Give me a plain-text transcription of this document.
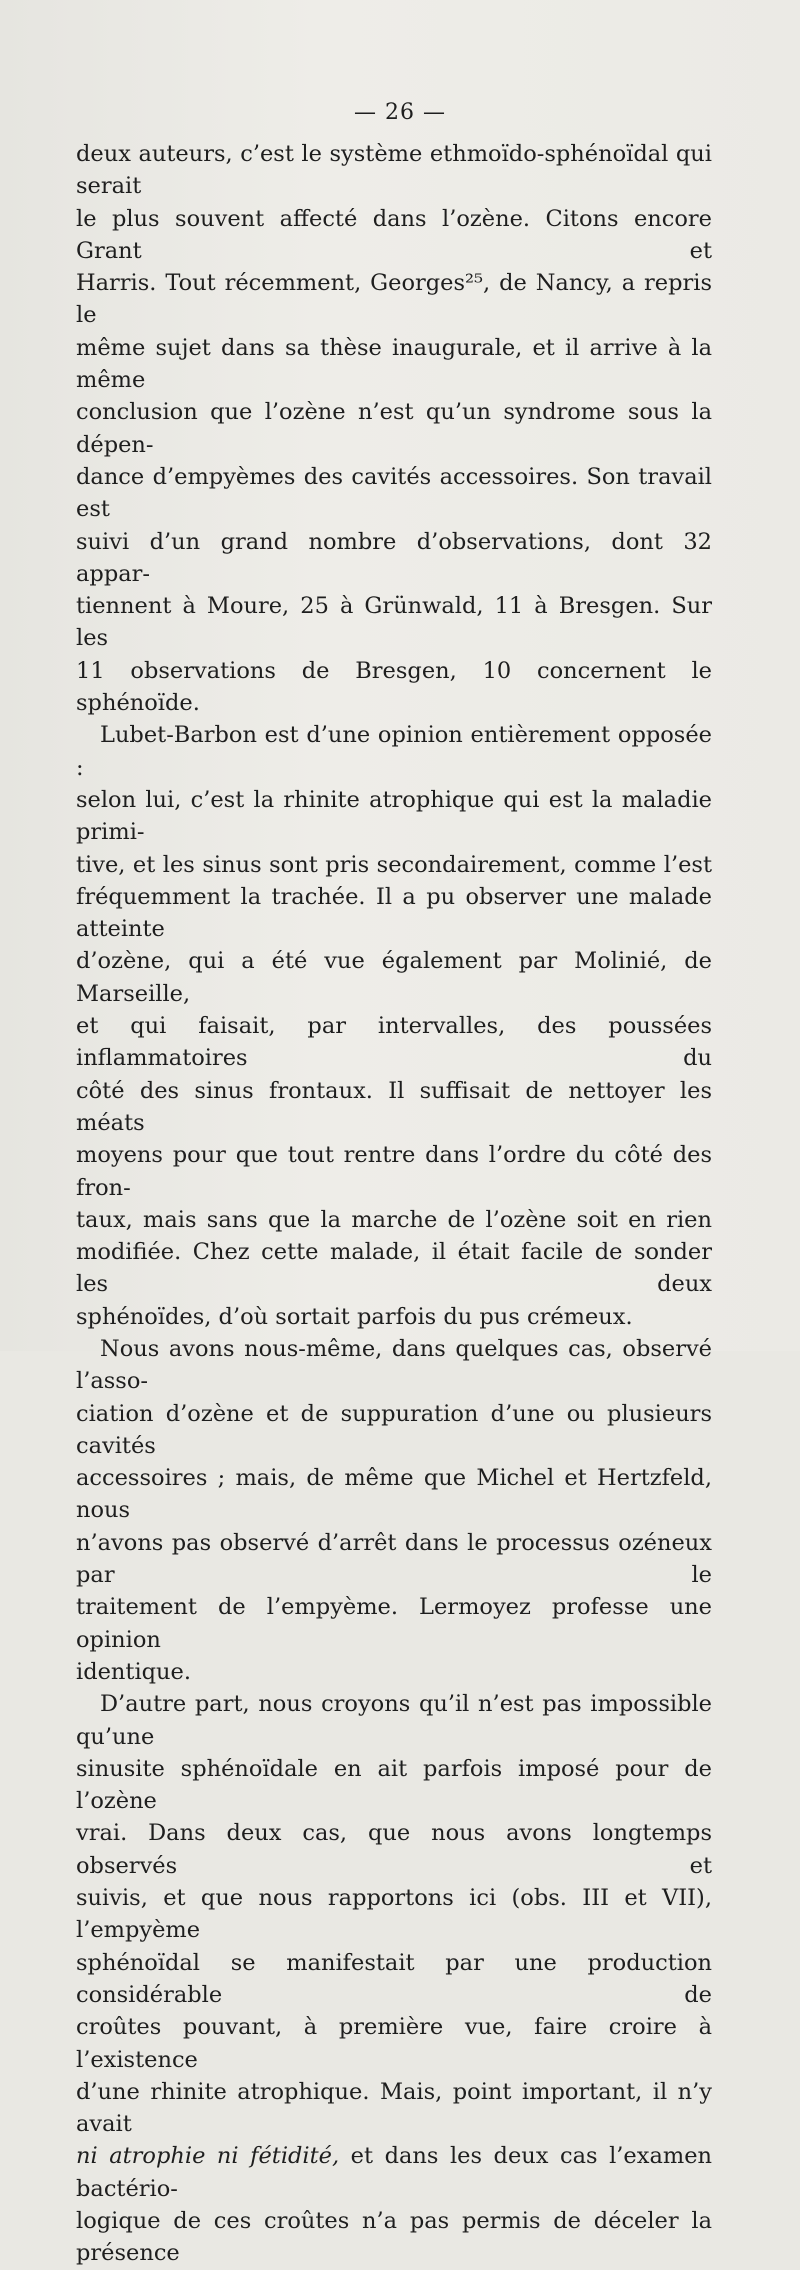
— 26 —

deux auteurs, c’est le système ethmoïdo-sphénoïdal qui serait

le plus souvent affecté dans l’ozène. Citons encore Grant et

Harris. Tout récemment, Georges²⁵, de Nancy, a repris le

même sujet dans sa thèse inaugurale, et il arrive à la même

conclusion que l’ozène n’est qu’un syndrome sous la dépen-

dance d’empyèmes des cavités accessoires. Son travail est

suivi d’un grand nombre d’observations, dont 32 appar-

tiennent à Moure, 25 à Grünwald, 11 à Bresgen. Sur les

11 observations de Bresgen, 10 concernent le sphénoïde.

Lubet-Barbon est d’une opinion entièrement opposée :

selon lui, c’est la rhinite atrophique qui est la maladie primi-

tive, et les sinus sont pris secondairement, comme l’est

fréquemment la trachée. Il a pu observer une malade atteinte

d’ozène, qui a été vue également par Molinié, de Marseille,

et qui faisait, par intervalles, des poussées inflammatoires du

côté des sinus frontaux. Il suffisait de nettoyer les méats

moyens pour que tout rentre dans l’ordre du côté des fron-

taux, mais sans que la marche de l’ozène soit en rien

modifiée. Chez cette malade, il était facile de sonder les deux

sphénoïdes, d’où sortait parfois du pus crémeux.

Nous avons nous-même, dans quelques cas, observé l’asso-

ciation d’ozène et de suppuration d’une ou plusieurs cavités

accessoires ; mais, de même que Michel et Hertzfeld, nous

n’avons pas observé d’arrêt dans le processus ozéneux par le

traitement de l’empyème. Lermoyez professe une opinion

identique.

D’autre part, nous croyons qu’il n’est pas impossible qu’une

sinusite sphénoïdale en ait parfois imposé pour de l’ozène

vrai. Dans deux cas, que nous avons longtemps observés et

suivis, et que nous rapportons ici (obs. III et VII), l’empyème

sphénoïdal se manifestait par une production considérable de

croûtes pouvant, à première vue, faire croire à l’existence

d’une rhinite atrophique. Mais, point important, il n’y avait

ni atrophie ni fétidité, et dans les deux cas l’examen bactério-

logique de ces croûtes n’a pas permis de déceler la présence
